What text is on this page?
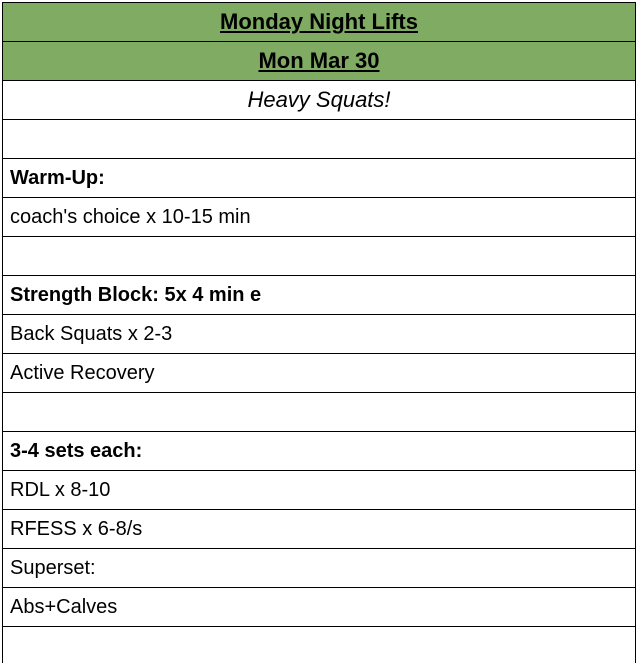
Monday Night Lifts
Mon Mar 30
Heavy Squats!
Warm-Up:
coach's choice x 10-15 min
Strength Block: 5x 4 min e
Back Squats x 2-3
Active Recovery
3-4 sets each:
RDL x 8-10
RFESS x 6-8/s
Superset:
Abs+Calves
